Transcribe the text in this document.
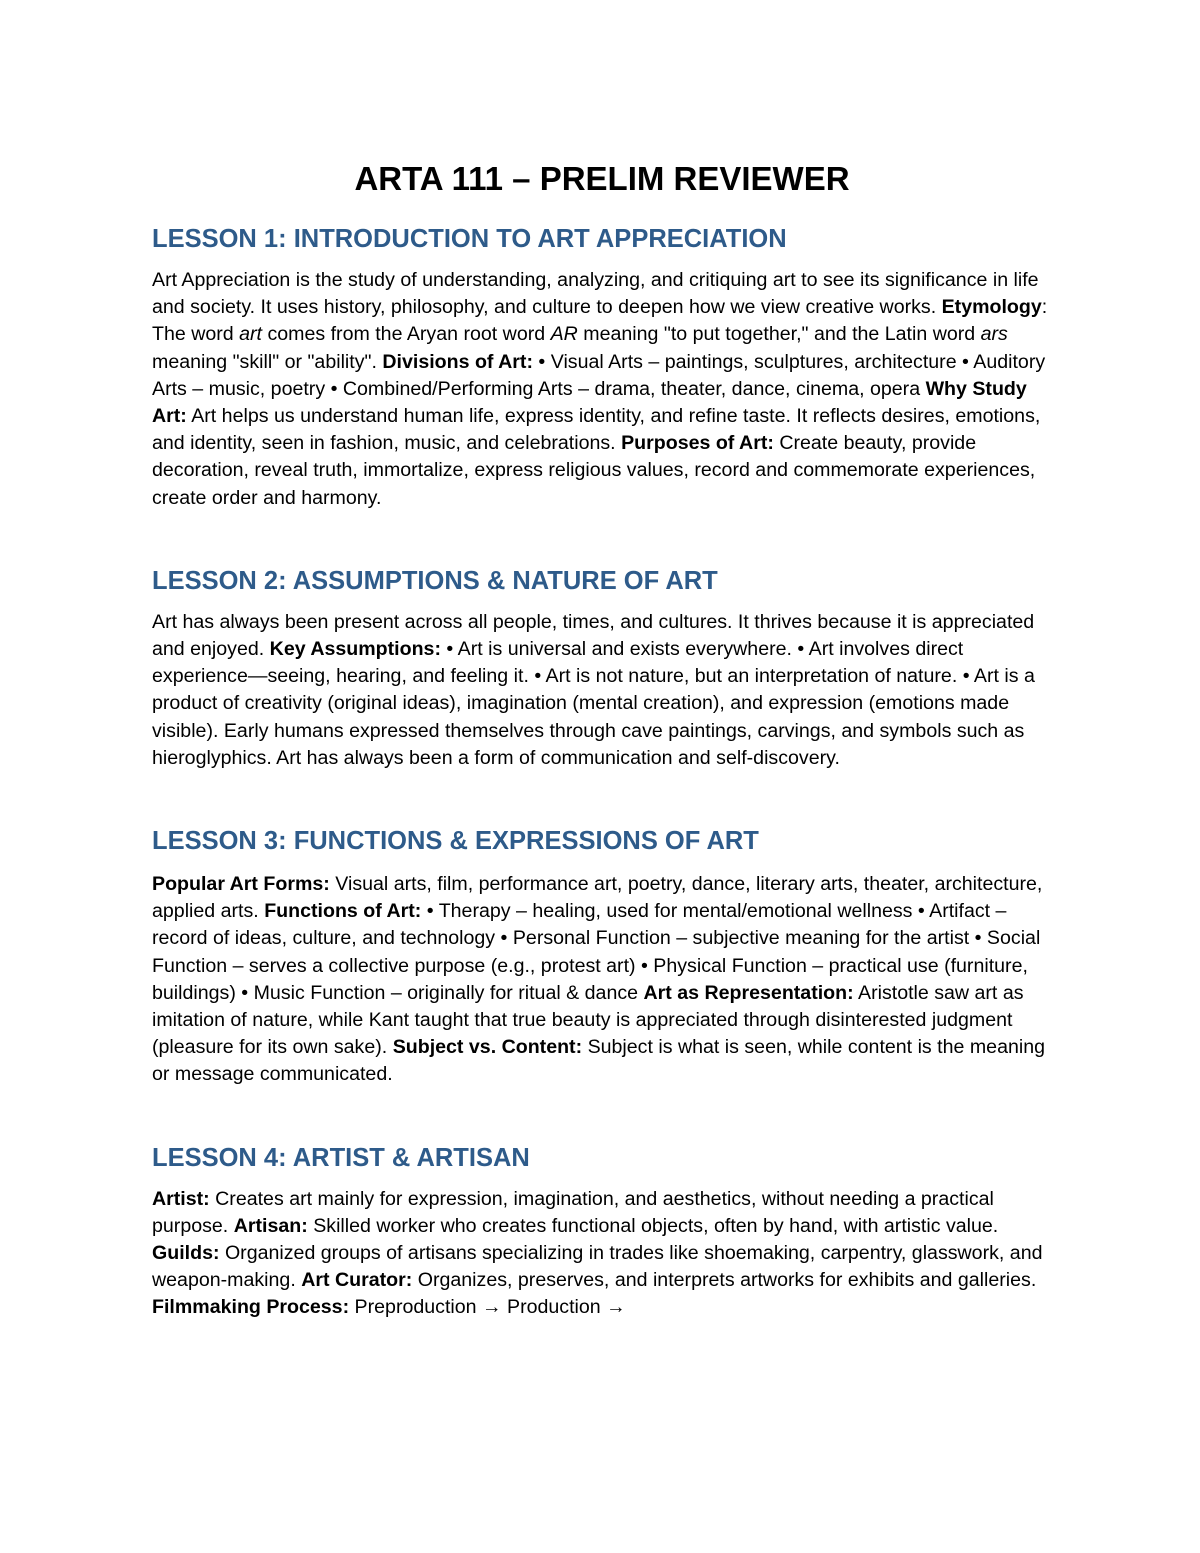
ARTA 111 – PRELIM REVIEWER
LESSON 1: INTRODUCTION TO ART APPRECIATION

Art Appreciation is the study of understanding, analyzing, and critiquing art to see its significance in life and society. It uses history, philosophy, and culture to deepen how we view creative works. Etymology: The word art comes from the Aryan root word AR meaning "to put together," and the Latin word ars meaning "skill" or "ability". Divisions of Art: • Visual Arts – paintings, sculptures, architecture • Auditory Arts – music, poetry • Combined/Performing Arts – drama, theater, dance, cinema, opera Why Study Art: Art helps us understand human life, express identity, and refine taste. It reflects desires, emotions, and identity, seen in fashion, music, and celebrations. Purposes of Art: Create beauty, provide decoration, reveal truth, immortalize, express religious values, record and commemorate experiences, create order and harmony.

LESSON 2: ASSUMPTIONS & NATURE OF ART

Art has always been present across all people, times, and cultures. It thrives because it is appreciated and enjoyed. Key Assumptions: • Art is universal and exists everywhere. • Art involves direct experience—seeing, hearing, and feeling it. • Art is not nature, but an interpretation of nature. • Art is a product of creativity (original ideas), imagination (mental creation), and expression (emotions made visible). Early humans expressed themselves through cave paintings, carvings, and symbols such as hieroglyphics. Art has always been a form of communication and self-discovery.

LESSON 3: FUNCTIONS & EXPRESSIONS OF ART

Popular Art Forms: Visual arts, film, performance art, poetry, dance, literary arts, theater, architecture, applied arts. Functions of Art: • Therapy – healing, used for mental/emotional wellness • Artifact – record of ideas, culture, and technology • Personal Function – subjective meaning for the artist • Social Function – serves a collective purpose (e.g., protest art) • Physical Function – practical use (furniture, buildings) • Music Function – originally for ritual & dance Art as Representation: Aristotle saw art as imitation of nature, while Kant taught that true beauty is appreciated through disinterested judgment (pleasure for its own sake). Subject vs. Content: Subject is what is seen, while content is the meaning or message communicated.

LESSON 4: ARTIST & ARTISAN

Artist: Creates art mainly for expression, imagination, and aesthetics, without needing a practical purpose. Artisan: Skilled worker who creates functional objects, often by hand, with artistic value. Guilds: Organized groups of artisans specializing in trades like shoemaking, carpentry, glasswork, and weapon-making. Art Curator: Organizes, preserves, and interprets artworks for exhibits and galleries. Filmmaking Process: Preproduction → Production →
